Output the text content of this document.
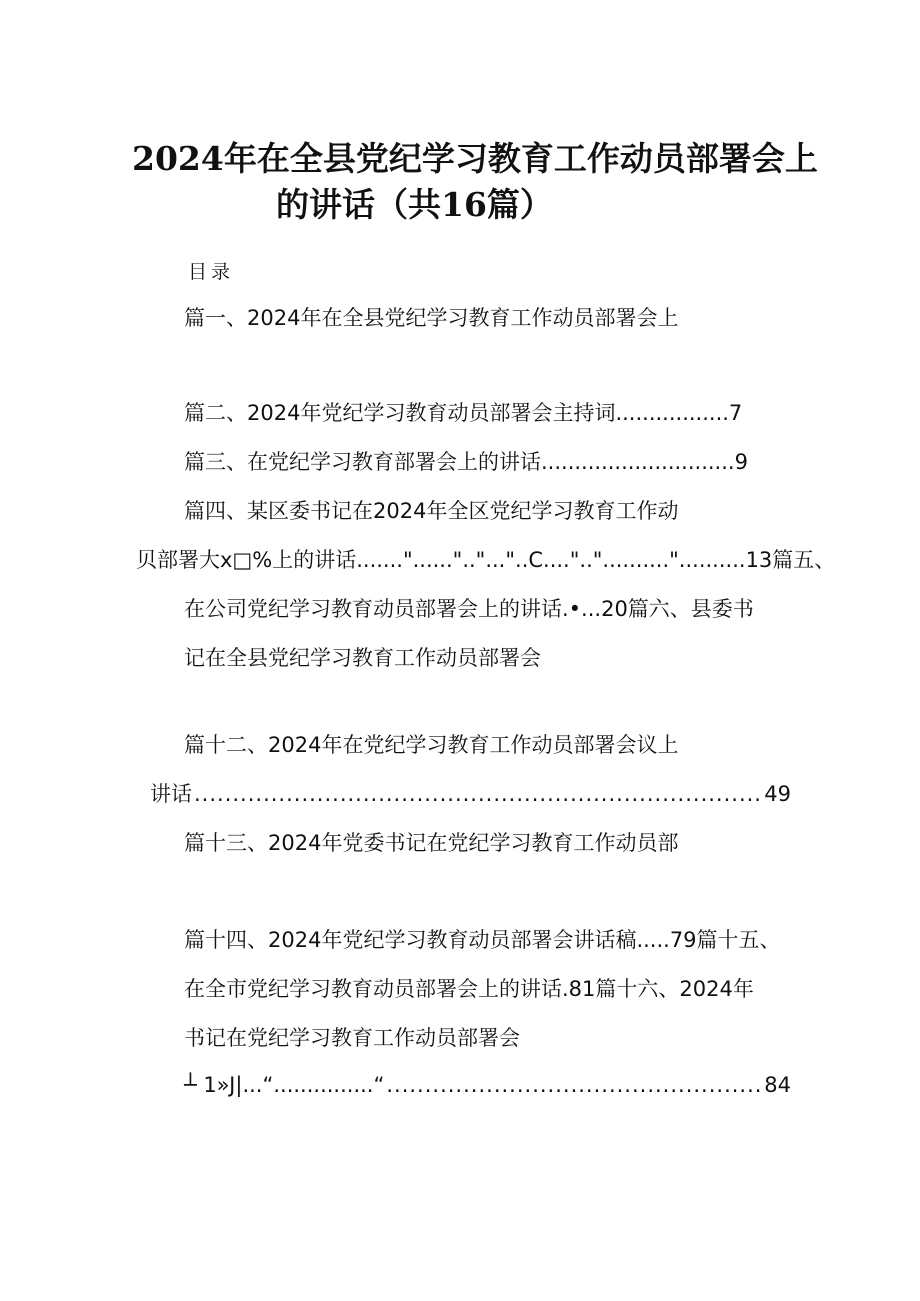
2024年在全县党纪学习教育工作动员部署会上
的讲话（共16篇）
目录
篇一、2024年在全县党纪学习教育工作动员部署会上
篇二、2024年党纪学习教育动员部署会主持词.................7
篇三、在党纪学习教育部署会上的讲话.............................9
篇四、某区委书记在2024年全区党纪学习教育工作动
贝部署大x□%上的讲话......."......".."..."..C...."..".........."..........13篇五、
在公司党纪学习教育动员部署会上的讲话.•...20篇六、县委书
记在全县党纪学习教育工作动员部署会
篇十二、2024年在党纪学习教育工作动员部署会议上
讲话 .....	49
篇十三、2024年党委书记在党纪学习教育工作动员部
篇十四、2024年党纪学习教育动员部署会讲话稿.....79篇十五、
在全市党纪学习教育动员部署会上的讲话.81篇十六、2024年
书记在党纪学习教育工作动员部署会
┴ 1»J| ...“...............“ .....	84
